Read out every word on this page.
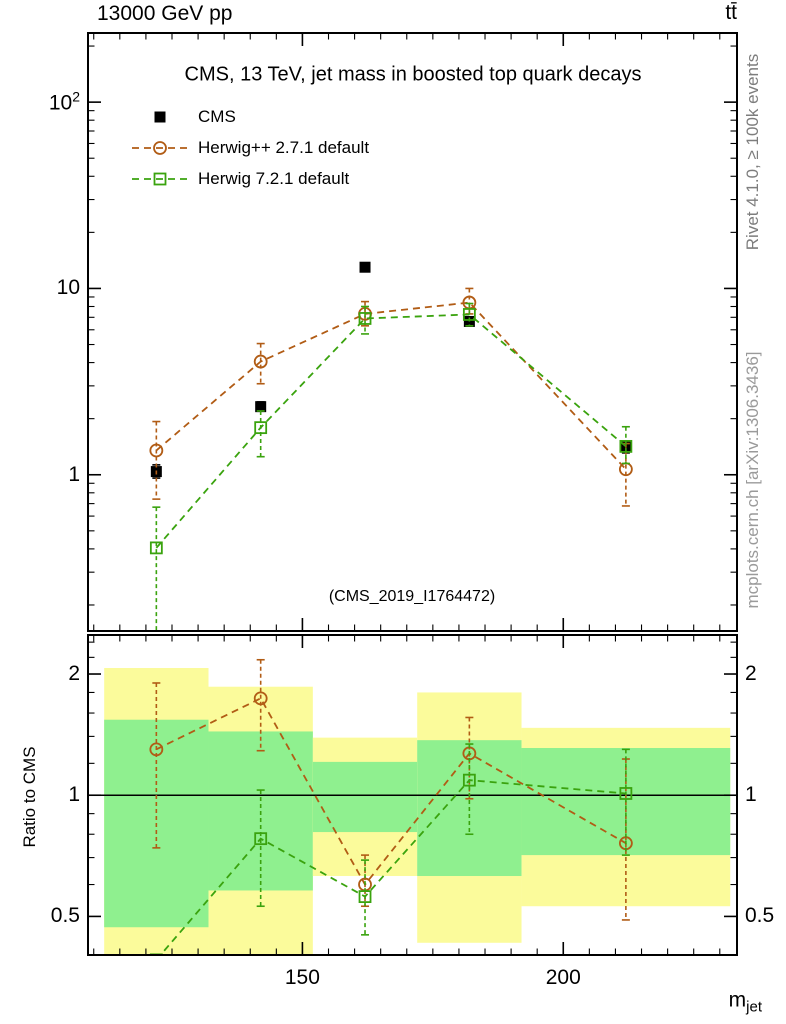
13000 GeV pp	tt̄
CMS, 13 TeV, jet mass in boosted top quark decays
CMS
Herwig++ 2.7.1 default
Herwig 7.2.1 default
(CMS_2019_I1764472)
Rivet 4.1.0, ≥ 100k events
mcplots.cern.ch [arXiv:1306.3436]
Ratio to CMS
$m_{jet}$
1
10
$10^2$
0.5	0.5
1	1
2	2
150	200
